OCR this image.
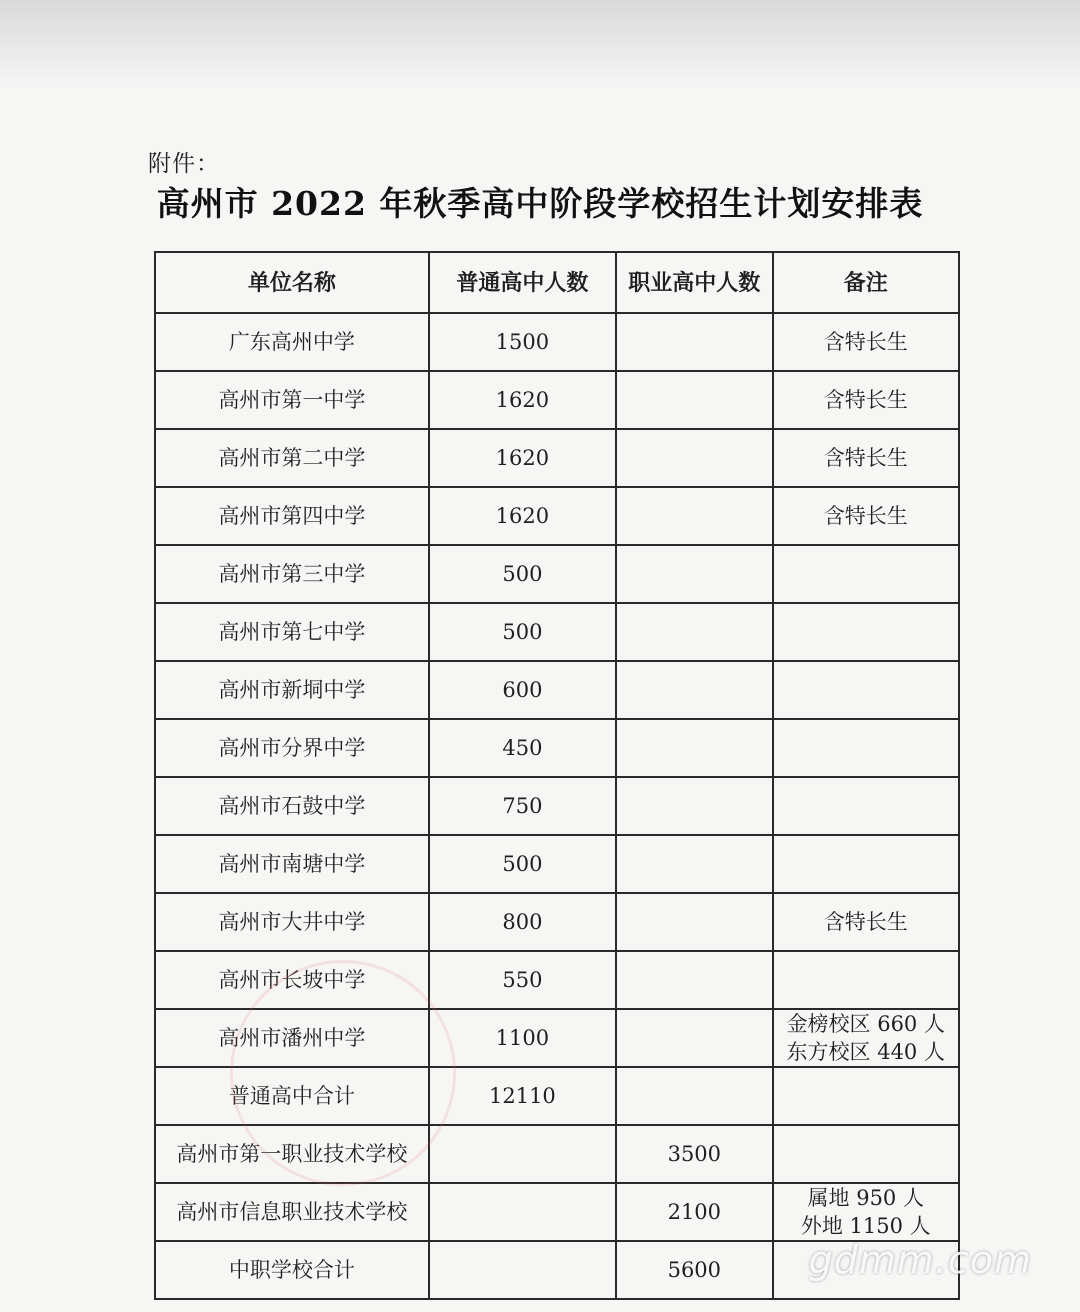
附件：
高州市 2022 年秋季高中阶段学校招生计划安排表
单位名称	普通高中人数	职业高中人数	备注
广东高州中学	1500		含特长生
高州市第一中学	1620		含特长生
高州市第二中学	1620		含特长生
高州市第四中学	1620		含特长生
高州市第三中学	500		
高州市第七中学	500		
高州市新垌中学	600		
高州市分界中学	450		
高州市石鼓中学	750		
高州市南塘中学	500		
高州市大井中学	800		含特长生
高州市长坡中学	550		
高州市潘州中学	1100		金榜校区 660 人
东方校区 440 人
普通高中合计	12110		
高州市第一职业技术学校		3500	
高州市信息职业技术学校		2100	属地 950 人
外地 1150 人
中职学校合计		5600	gdmm.com
